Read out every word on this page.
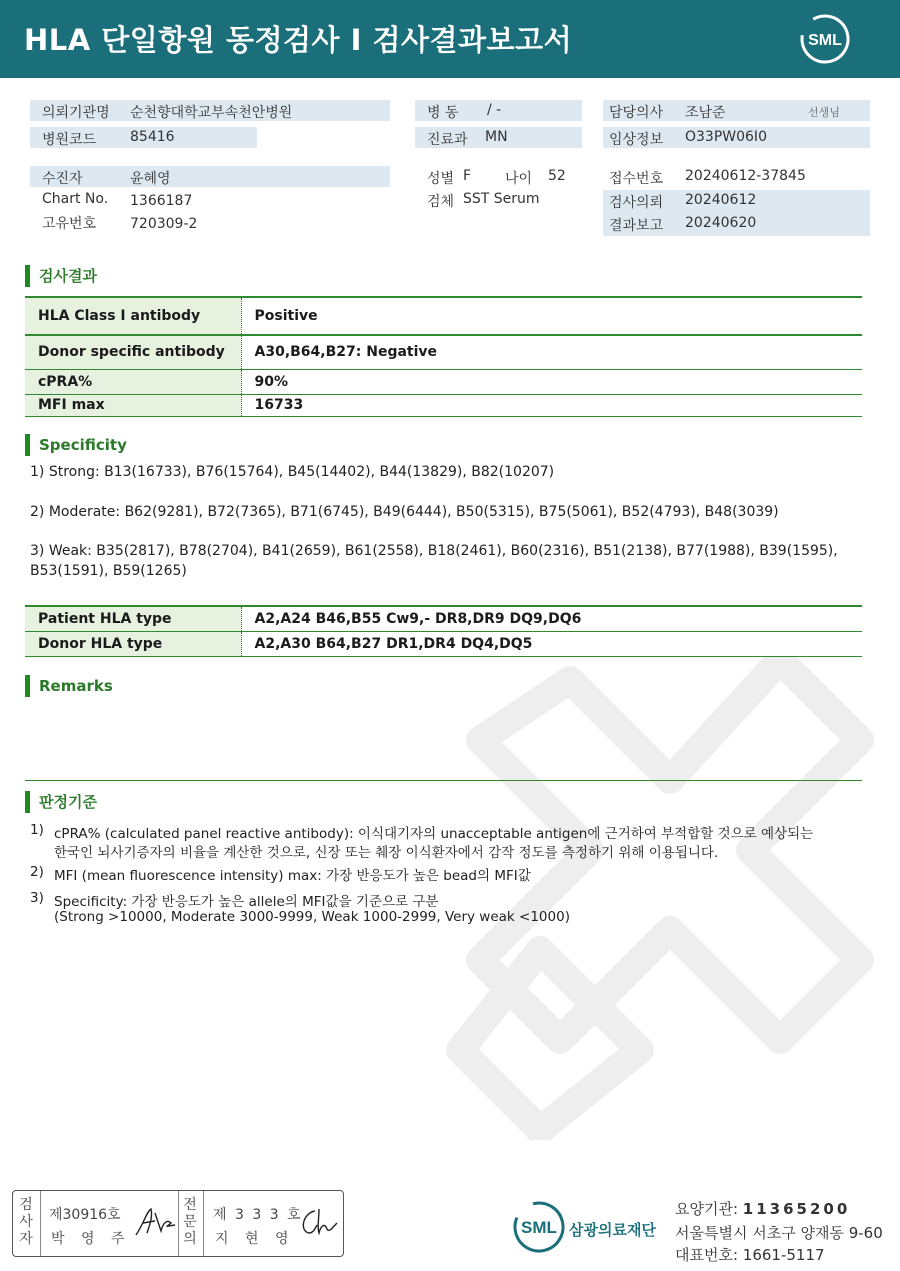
HLA 단일항원 동정검사 I 검사결과보고서	SML
의뢰기관명 순천향대학교부속천안병원
병원코드 85416
병 동 / -
진료과 MN
담당의사 조남준	선생님
임상정보 O33PW06I0
수진자	윤혜영
Chart No. 1366187
고유번호 720309-2
성별 F 나이 52
검체 SST Serum
접수번호 20240612-37845
검사의뢰 20240612
결과보고 20240620
검사결과
HLA Class I antibody	Positive
Donor specific antibody	A30,B64,B27: Negative
cPRA%	90%
MFI max	16733
Specificity
1) Strong: B13(16733), B76(15764), B45(14402), B44(13829), B82(10207)
2) Moderate: B62(9281), B72(7365), B71(6745), B49(6444), B50(5315), B75(5061), B52(4793), B48(3039)
3) Weak: B35(2817), B78(2704), B41(2659), B61(2558), B18(2461), B60(2316), B51(2138), B77(1988), B39(1595),
B53(1591), B59(1265)
Patient HLA type	A2,A24 B46,B55 Cw9,- DR8,DR9 DQ9,DQ6
Donor HLA type	A2,A30 B64,B27 DR1,DR4 DQ4,DQ5
Remarks
판정기준
1) cPRA% (calculated panel reactive antibody): 이식대기자의 unacceptable antigen에 근거하여 부적합할 것으로 예상되는
한국인 뇌사기증자의 비율을 계산한 것으로, 신장 또는 췌장 이식환자에서 감작 정도를 측정하기 위해 이용됩니다.
2) MFI (mean fluorescence intensity) max: 가장 반응도가 높은 bead의 MFI값
3) Specificity: 가장 반응도가 높은 allele의 MFI값을 기준으로 구분
(Strong >10000, Moderate 3000-9999, Weak 1000-2999, Very weak <1000)
검사자
제30916호
박 영 주
전문의
제 3 3 3 호
지 현 영
SML 삼광의료재단
요양기관: 11365200
서울특별시 서초구 양재동 9-60
대표번호: 1661-5117
